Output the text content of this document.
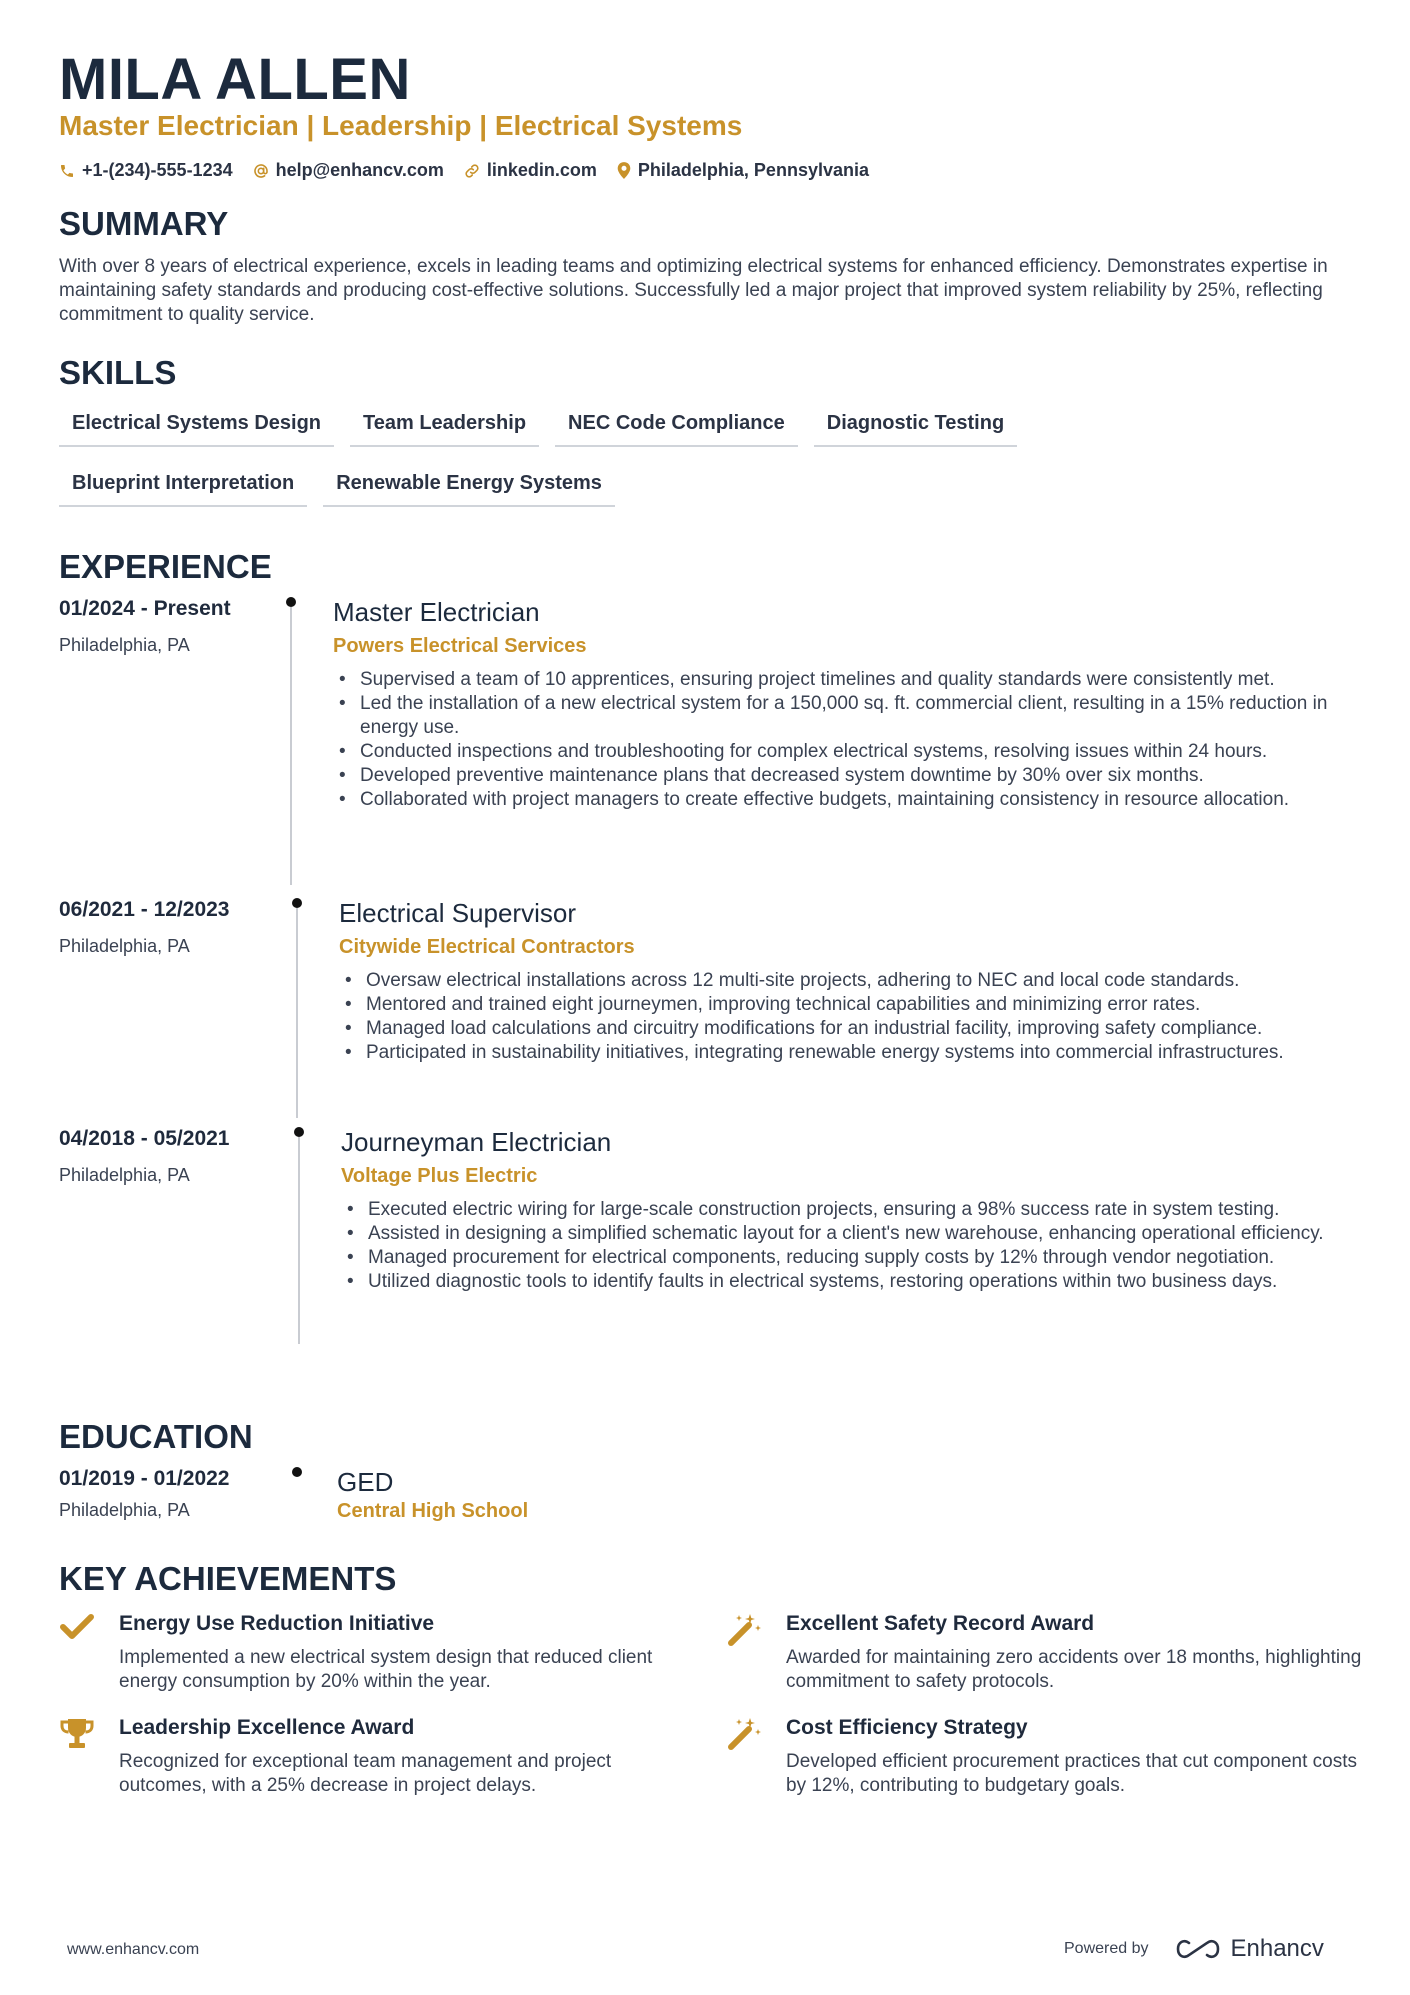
MILA ALLEN
Master Electrician | Leadership | Electrical Systems
+1-(234)-555-1234 help@enhancv.com linkedin.com Philadelphia, Pennsylvania
SUMMARY
With over 8 years of electrical experience, excels in leading teams and optimizing electrical systems for enhanced efficiency. Demonstrates expertise in maintaining safety standards and producing cost-effective solutions. Successfully led a major project that improved system reliability by 25%, reflecting commitment to quality service.
SKILLS
Electrical Systems Design	Team Leadership	NEC Code Compliance	Diagnostic Testing
Blueprint Interpretation	Renewable Energy Systems
EXPERIENCE
01/2024 - Present
Philadelphia, PA
Master Electrician
Powers Electrical Services
• Supervised a team of 10 apprentices, ensuring project timelines and quality standards were consistently met.
• Led the installation of a new electrical system for a 150,000 sq. ft. commercial client, resulting in a 15% reduction in energy use.
• Conducted inspections and troubleshooting for complex electrical systems, resolving issues within 24 hours.
• Developed preventive maintenance plans that decreased system downtime by 30% over six months.
• Collaborated with project managers to create effective budgets, maintaining consistency in resource allocation.
06/2021 - 12/2023
Philadelphia, PA
Electrical Supervisor
Citywide Electrical Contractors
• Oversaw electrical installations across 12 multi-site projects, adhering to NEC and local code standards.
• Mentored and trained eight journeymen, improving technical capabilities and minimizing error rates.
• Managed load calculations and circuitry modifications for an industrial facility, improving safety compliance.
• Participated in sustainability initiatives, integrating renewable energy systems into commercial infrastructures.
04/2018 - 05/2021
Philadelphia, PA
Journeyman Electrician
Voltage Plus Electric
• Executed electric wiring for large-scale construction projects, ensuring a 98% success rate in system testing.
• Assisted in designing a simplified schematic layout for a client's new warehouse, enhancing operational efficiency.
• Managed procurement for electrical components, reducing supply costs by 12% through vendor negotiation.
• Utilized diagnostic tools to identify faults in electrical systems, restoring operations within two business days.
EDUCATION
01/2019 - 01/2022
Philadelphia, PA
GED
Central High School
KEY ACHIEVEMENTS
Energy Use Reduction Initiative
Implemented a new electrical system design that reduced client energy consumption by 20% within the year.
Excellent Safety Record Award
Awarded for maintaining zero accidents over 18 months, highlighting commitment to safety protocols.
Leadership Excellence Award
Recognized for exceptional team management and project outcomes, with a 25% decrease in project delays.
Cost Efficiency Strategy
Developed efficient procurement practices that cut component costs by 12%, contributing to budgetary goals.
www.enhancv.com	Powered by	Enhancv
